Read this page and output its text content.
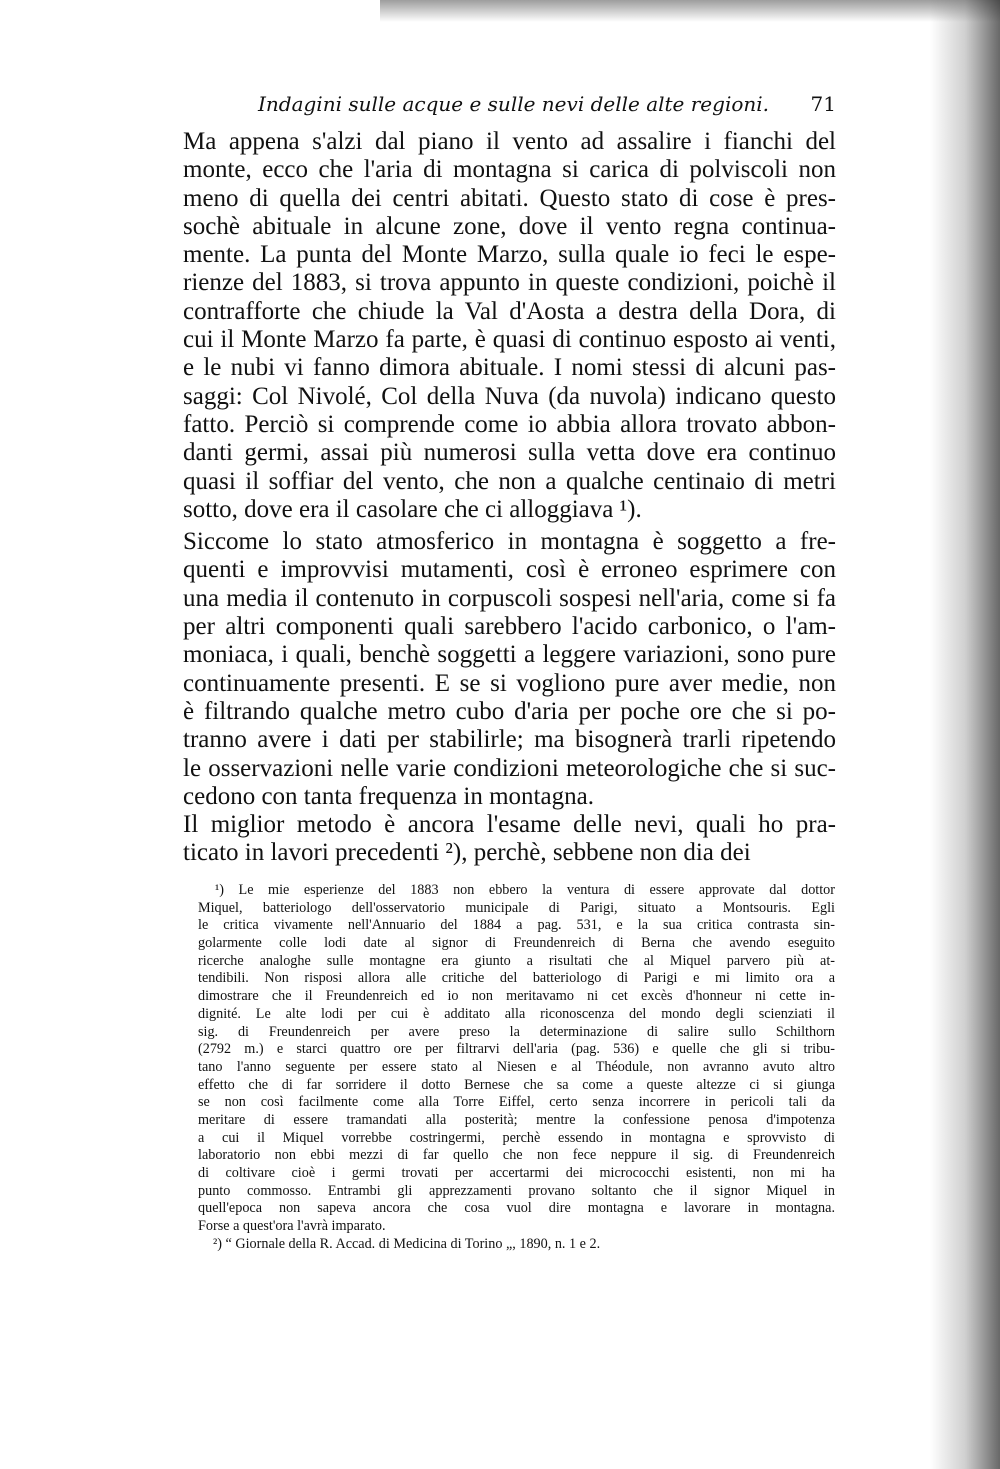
Indagini sulle acque e sulle nevi delle alte regioni. 71
Ma appena s'alzi dal piano il vento ad assalire i fianchi del
monte, ecco che l'aria di montagna si carica di polviscoli non
meno di quella dei centri abitati. Questo stato di cose è pres-
sochè abituale in alcune zone, dove il vento regna continua-
mente. La punta del Monte Marzo, sulla quale io feci le espe-
rienze del 1883, si trova appunto in queste condizioni, poichè il
contrafforte che chiude la Val d'Aosta a destra della Dora, di
cui il Monte Marzo fa parte, è quasi di continuo esposto ai venti,
e le nubi vi fanno dimora abituale. I nomi stessi di alcuni pas-
saggi: Col Nivolé, Col della Nuva (da nuvola) indicano questo
fatto. Perciò si comprende come io abbia allora trovato abbon-
danti germi, assai più numerosi sulla vetta dove era continuo
quasi il soffiar del vento, che non a qualche centinaio di metri
sotto, dove era il casolare che ci alloggiava ¹).
Siccome lo stato atmosferico in montagna è soggetto a fre-
quenti e improvvisi mutamenti, così è erroneo esprimere con
una media il contenuto in corpuscoli sospesi nell'aria, come si fa
per altri componenti quali sarebbero l'acido carbonico, o l'am-
moniaca, i quali, benchè soggetti a leggere variazioni, sono pure
continuamente presenti. E se si vogliono pure aver medie, non
è filtrando qualche metro cubo d'aria per poche ore che si po-
tranno avere i dati per stabilirle; ma bisognerà trarli ripetendo
le osservazioni nelle varie condizioni meteorologiche che si suc-
cedono con tanta frequenza in montagna.
Il miglior metodo è ancora l'esame delle nevi, quali ho pra-
ticato in lavori precedenti ²), perchè, sebbene non dia dei
¹) Le mie esperienze del 1883 non ebbero la ventura di essere approvate dal dottor
Miquel, batteriologo dell'osservatorio municipale di Parigi, situato a Montsouris. Egli
le critica vivamente nell'Annuario del 1884 a pag. 531, e la sua critica contrasta sin-
golarmente colle lodi date al signor di Freundenreich di Berna che avendo eseguito
ricerche analoghe sulle montagne era giunto a risultati che al Miquel parvero più at-
tendibili. Non risposi allora alle critiche del batteriologo di Parigi e mi limito ora a
dimostrare che il Freundenreich ed io non meritavamo ni cet excès d'honneur ni cette in-
dignité. Le alte lodi per cui è additato alla riconoscenza del mondo degli scienziati il
sig. di Freundenreich per avere preso la determinazione di salire sullo Schilthorn
(2792 m.) e starci quattro ore per filtrarvi dell'aria (pag. 536) e quelle che gli si tribu-
tano l'anno seguente per essere stato al Niesen e al Théodule, non avranno avuto altro
effetto che di far sorridere il dotto Bernese che sa come a queste altezze ci si giunga
se non così facilmente come alla Torre Eiffel, certo senza incorrere in pericoli tali da
meritare di essere tramandati alla posterità; mentre la confessione penosa d'impotenza
a cui il Miquel vorrebbe costringermi, perchè essendo in montagna e sprovvisto di
laboratorio non ebbi mezzi di far quello che non fece neppure il sig. di Freundenreich
di coltivare cioè i germi trovati per accertarmi dei micrococchi esistenti, non mi ha
punto commosso. Entrambi gli apprezzamenti provano soltanto che il signor Miquel in
quell'epoca non sapeva ancora che cosa vuol dire montagna e lavorare in montagna.
Forse a quest'ora l'avrà imparato.
²) “ Giornale della R. Accad. di Medicina di Torino „, 1890, n. 1 e 2.
